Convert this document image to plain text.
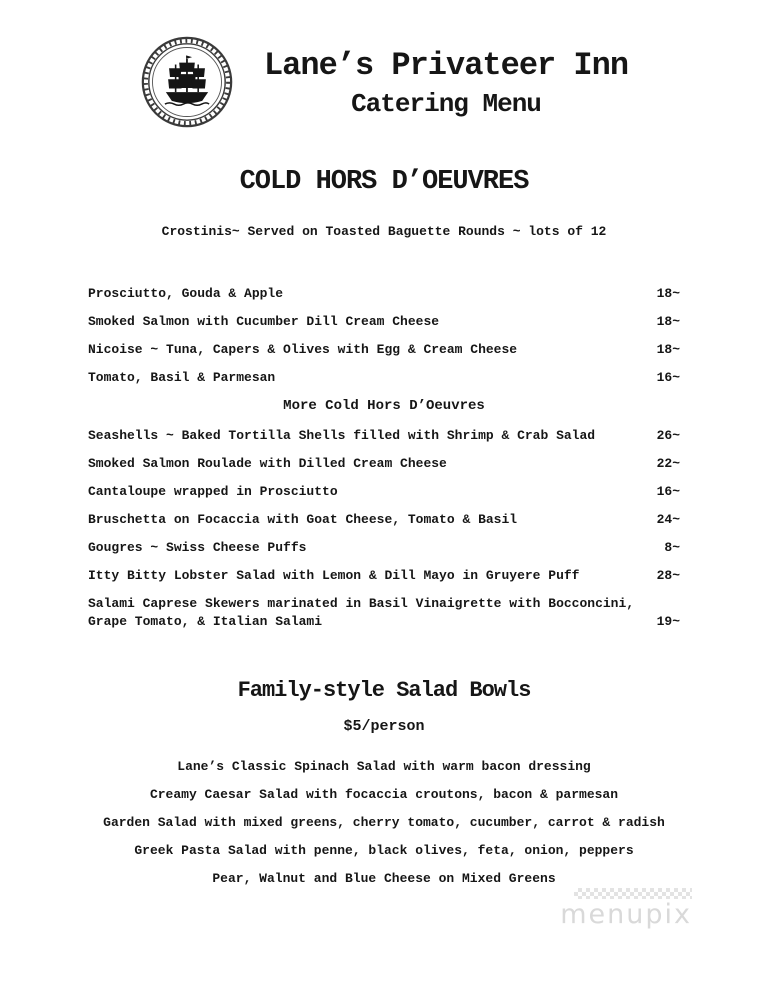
Lane’s Privateer Inn
Catering Menu
COLD HORS D’OEUVRES
Crostinis~ Served on Toasted Baguette Rounds ~ lots of 12
Prosciutto, Gouda & Apple	18~
Smoked Salmon with Cucumber Dill Cream Cheese	18~
Nicoise ~ Tuna, Capers & Olives with Egg & Cream Cheese	18~
Tomato, Basil & Parmesan	16~
More Cold Hors D’Oeuvres
Seashells ~ Baked Tortilla Shells filled with Shrimp & Crab Salad	26~
Smoked Salmon Roulade with Dilled Cream Cheese	22~
Cantaloupe wrapped in Prosciutto	16~
Bruschetta on Focaccia with Goat Cheese, Tomato & Basil	24~
Gougres ~ Swiss Cheese Puffs	8~
Itty Bitty Lobster Salad with Lemon & Dill Mayo in Gruyere Puff	28~
Salami Caprese Skewers marinated in Basil Vinaigrette with Bocconcini, Grape Tomato, & Italian Salami	19~
Family-style Salad Bowls
$5/person
Lane’s Classic Spinach Salad with warm bacon dressing
Creamy Caesar Salad with focaccia croutons, bacon & parmesan
Garden Salad with mixed greens, cherry tomato, cucumber, carrot & radish
Greek Pasta Salad with penne, black olives, feta, onion, peppers
Pear, Walnut and Blue Cheese on Mixed Greens
menupix
